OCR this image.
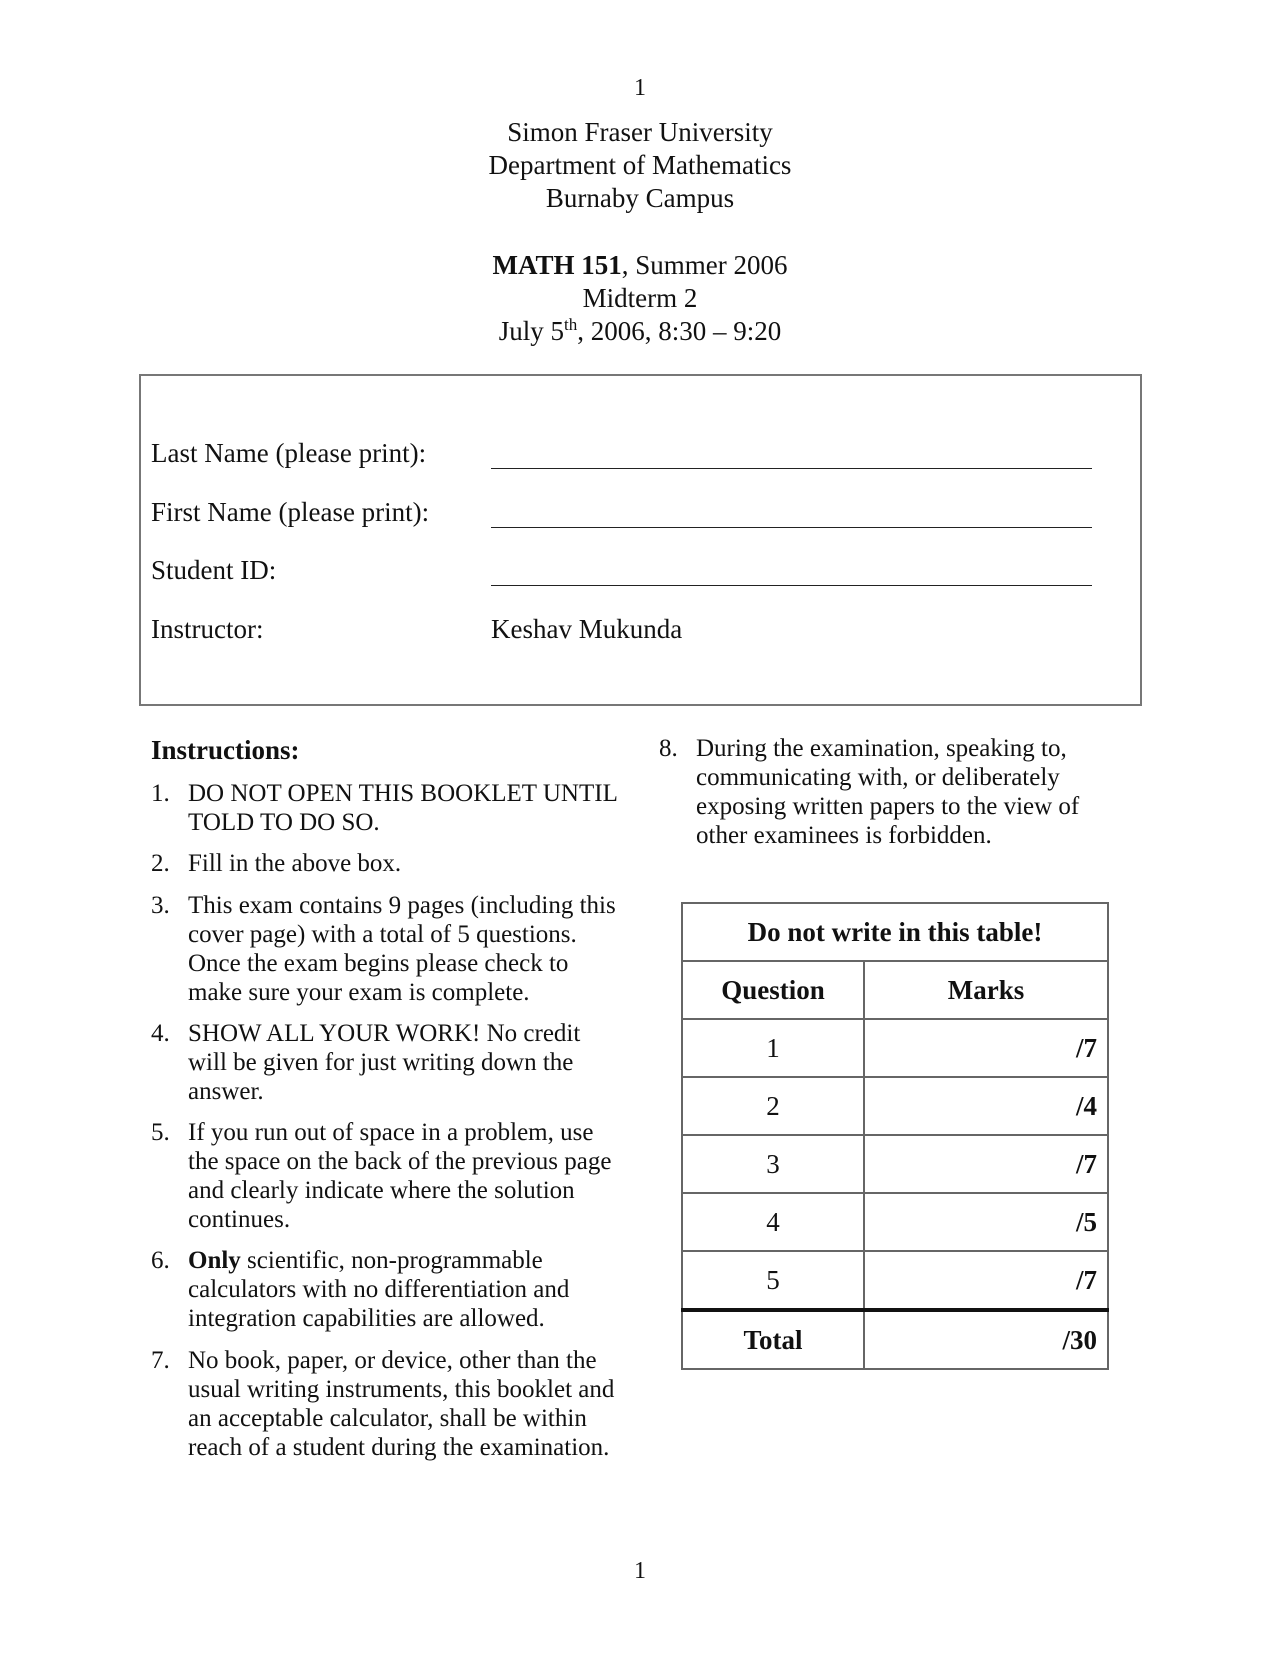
1
Simon Fraser University
Department of Mathematics
Burnaby Campus
MATH 151, Summer 2006
Midterm 2
July 5th, 2006, 8:30 – 9:20
Last Name (please print):
First Name (please print):
Student ID:
Instructor:	Keshav Mukunda
Instructions:
1. DO NOT OPEN THIS BOOKLET UNTIL
TOLD TO DO SO.
2. Fill in the above box.
3. This exam contains 9 pages (including this
cover page) with a total of 5 questions.
Once the exam begins please check to
make sure your exam is complete.
4. SHOW ALL YOUR WORK! No credit
will be given for just writing down the
answer.
5. If you run out of space in a problem, use
the space on the back of the previous page
and clearly indicate where the solution
continues.
6. Only scientific, non-programmable
calculators with no differentiation and
integration capabilities are allowed.
7. No book, paper, or device, other than the
usual writing instruments, this booklet and
an acceptable calculator, shall be within
reach of a student during the examination.
8. During the examination, speaking to,
communicating with, or deliberately
exposing written papers to the view of
other examinees is forbidden.
Do not write in this table!	
Question	Marks
1	/7
2	/4
3	/7
4	/5
5	/7
Total	/30
1
